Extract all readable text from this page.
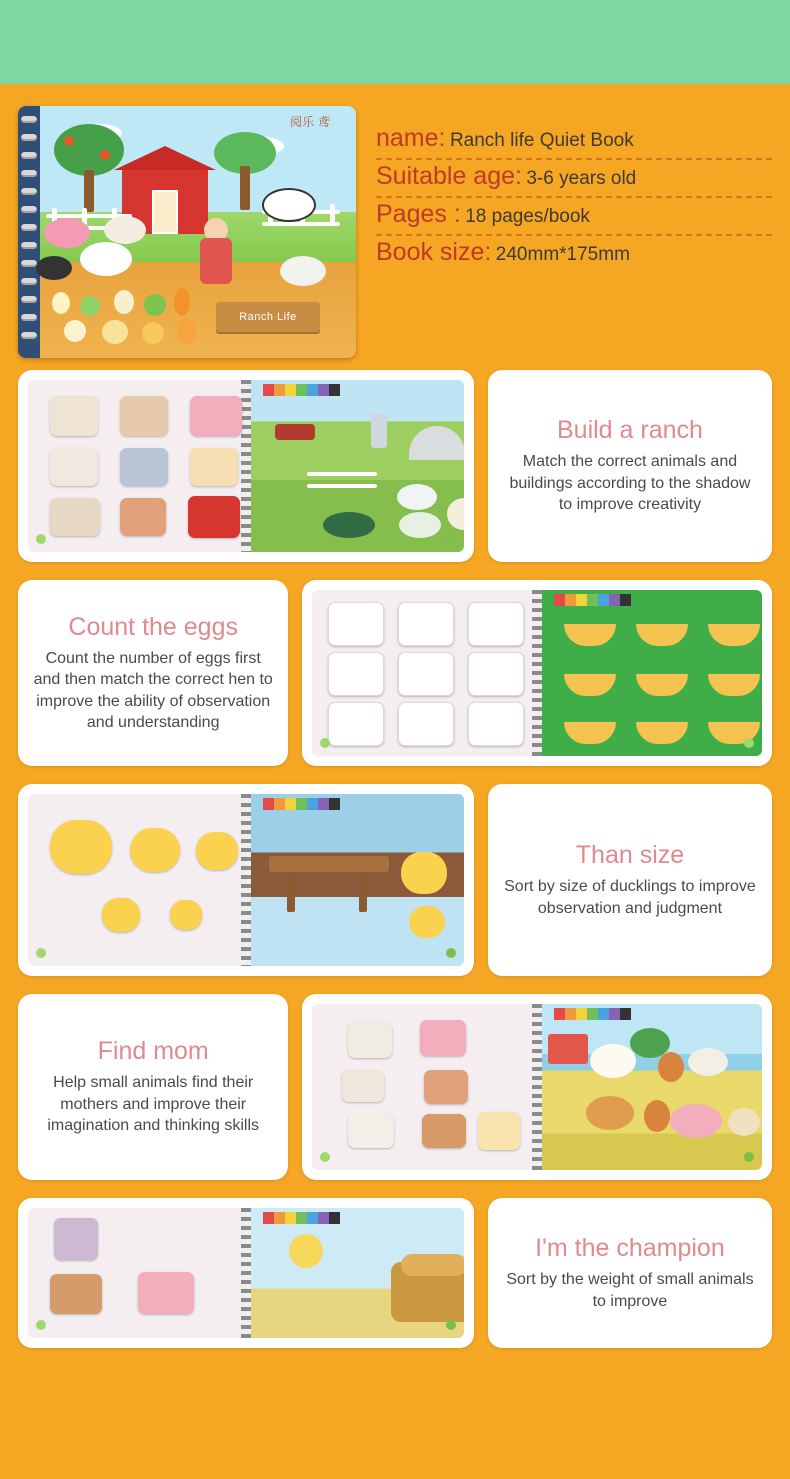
阅乐 鸢
Ranch Life
name: Ranch life Quiet Book
Suitable age: 3-6 years old
Pages : 18 pages/book
Book size: 240mm*175mm
Build a ranch
Match the correct animals and buildings according to the shadow to improve creativity
Count the eggs
Count the number of eggs first and then match the correct hen to improve the ability of observation and understanding
Than size
Sort by size of ducklings to improve observation and judgment
Find mom
Help small animals find their mothers and improve their imagination and thinking skills
I'm the champion
Sort by the weight of small animals to improve
